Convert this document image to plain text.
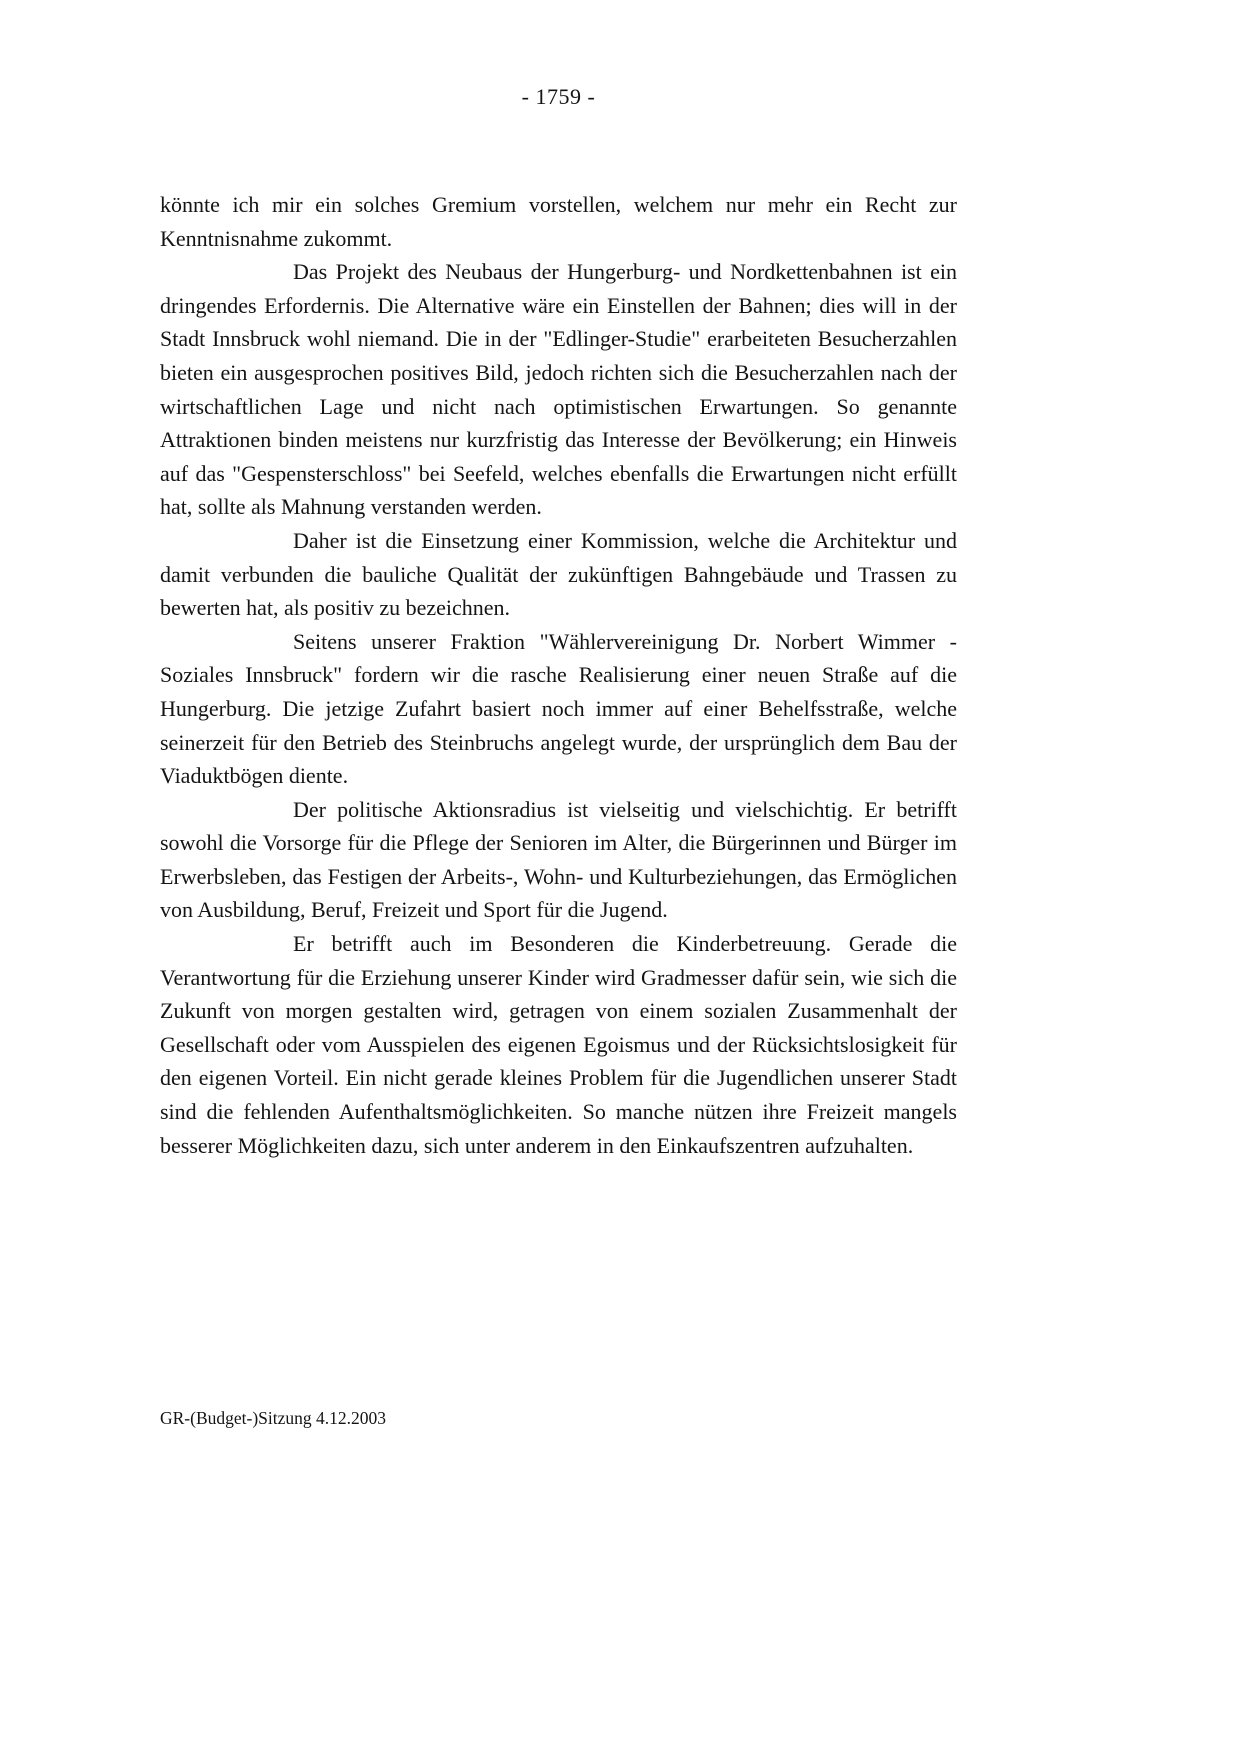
- 1759 -

könnte ich mir ein solches Gremium vorstellen, welchem nur mehr ein Recht zur Kenntnisnahme zukommt.

Das Projekt des Neubaus der Hungerburg- und Nordkettenbahnen ist ein dringendes Erfordernis. Die Alternative wäre ein Einstellen der Bahnen; dies will in der Stadt Innsbruck wohl niemand. Die in der "Edlinger-Studie" erarbeiteten Besucherzahlen bieten ein ausgesprochen positives Bild, jedoch richten sich die Besucherzahlen nach der wirtschaftlichen Lage und nicht nach optimistischen Erwartungen. So genannte Attraktionen binden meistens nur kurzfristig das Interesse der Bevölkerung; ein Hinweis auf das "Gespensterschloss" bei Seefeld, welches ebenfalls die Erwartungen nicht erfüllt hat, sollte als Mahnung verstanden werden.

Daher ist die Einsetzung einer Kommission, welche die Architektur und damit verbunden die bauliche Qualität der zukünftigen Bahngebäude und Trassen zu bewerten hat, als positiv zu bezeichnen.

Seitens unserer Fraktion "Wählervereinigung Dr. Norbert Wimmer - Soziales Innsbruck" fordern wir die rasche Realisierung einer neuen Straße auf die Hungerburg. Die jetzige Zufahrt basiert noch immer auf einer Behelfsstraße, welche seinerzeit für den Betrieb des Steinbruchs angelegt wurde, der ursprünglich dem Bau der Viaduktbögen diente.

Der politische Aktionsradius ist vielseitig und vielschichtig. Er betrifft sowohl die Vorsorge für die Pflege der Senioren im Alter, die Bürgerinnen und Bürger im Erwerbsleben, das Festigen der Arbeits-, Wohn- und Kulturbeziehungen, das Ermöglichen von Ausbildung, Beruf, Freizeit und Sport für die Jugend.

Er betrifft auch im Besonderen die Kinderbetreuung. Gerade die Verantwortung für die Erziehung unserer Kinder wird Gradmesser dafür sein, wie sich die Zukunft von morgen gestalten wird, getragen von einem sozialen Zusammenhalt der Gesellschaft oder vom Ausspielen des eigenen Egoismus und der Rücksichtslosigkeit für den eigenen Vorteil. Ein nicht gerade kleines Problem für die Jugendlichen unserer Stadt sind die fehlenden Aufenthaltsmöglichkeiten. So manche nützen ihre Freizeit mangels besserer Möglichkeiten dazu, sich unter anderem in den Einkaufszentren aufzuhalten.

GR-(Budget-)Sitzung 4.12.2003
